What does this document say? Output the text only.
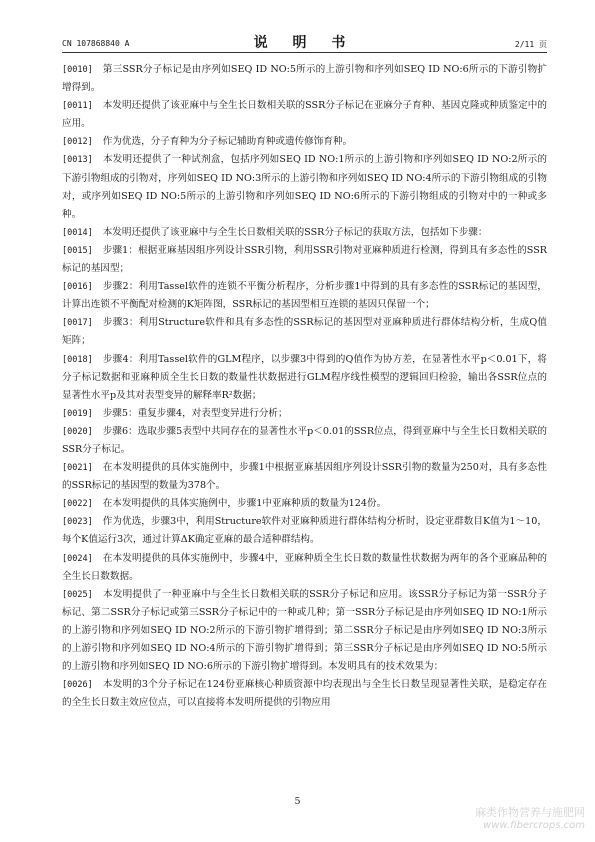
CN 107868840 A	说 明 书	2/11 页

[0010] 第三SSR分子标记是由序列如SEQ ID NO:5所示的上游引物和序列如SEQ ID NO:6所示的下游引物扩增得到。

[0011] 本发明还提供了该亚麻中与全生长日数相关联的SSR分子标记在亚麻分子育种、基因克隆或种质鉴定中的应用。

[0012] 作为优选，分子育种为分子标记辅助育种或遗传修饰育种。

[0013] 本发明还提供了一种试剂盒，包括序列如SEQ ID NO:1所示的上游引物和序列如SEQ ID NO:2所示的下游引物组成的引物对，序列如SEQ ID NO:3所示的上游引物和序列如SEQ ID NO:4所示的下游引物组成的引物对，或序列如SEQ ID NO:5所示的上游引物和序列如SEQ ID NO:6所示的下游引物组成的引物对中的一种或多种。

[0014] 本发明还提供了该亚麻中与全生长日数相关联的SSR分子标记的获取方法，包括如下步骤：

[0015] 步骤1：根据亚麻基因组序列设计SSR引物，利用SSR引物对亚麻种质进行检测，得到具有多态性的SSR标记的基因型；

[0016] 步骤2：利用Tassel软件的连锁不平衡分析程序，分析步骤1中得到的具有多态性的SSR标记的基因型，计算出连锁不平衡配对检测的K矩阵图，SSR标记的基因型相互连锁的基因只保留一个；

[0017] 步骤3：利用Structure软件和具有多态性的SSR标记的基因型对亚麻种质进行群体结构分析，生成Q值矩阵；

[0018] 步骤4：利用Tassel软件的GLM程序，以步骤3中得到的Q值作为协方差，在显著性水平p＜0.01下，将分子标记数据和亚麻种质全生长日数的数量性状数据进行GLM程序线性模型的逻辑回归检验，输出各SSR位点的显著性水平p及其对表型变异的解释率R²数据；

[0019] 步骤5：重复步骤4，对表型变异进行分析；

[0020] 步骤6：选取步骤5表型中共同存在的显著性水平p＜0.01的SSR位点，得到亚麻中与全生长日数相关联的SSR分子标记。

[0021] 在本发明提供的具体实施例中，步骤1中根据亚麻基因组序列设计SSR引物的数量为250对，具有多态性的SSR标记的基因型的数量为378个。

[0022] 在本发明提供的具体实施例中，步骤1中亚麻种质的数量为124份。

[0023] 作为优选，步骤3中，利用Structure软件对亚麻种质进行群体结构分析时，设定亚群数目K值为1～10，每个K值运行3次，通过计算ΔK确定亚麻的最合适种群结构。

[0024] 在本发明提供的具体实施例中，步骤4中，亚麻种质全生长日数的数量性状数据为两年的各个亚麻品种的全生长日数数据。

[0025] 本发明提供了一种亚麻中与全生长日数相关联的SSR分子标记和应用。该SSR分子标记为第一SSR分子标记、第二SSR分子标记或第三SSR分子标记中的一种或几种；第一SSR分子标记是由序列如SEQ ID NO:1所示的上游引物和序列如SEQ ID NO:2所示的下游引物扩增得到；第二SSR分子标记是由序列如SEQ ID NO:3所示的上游引物和序列如SEQ ID NO:4所示的下游引物扩增得到；第三SSR分子标记是由序列如SEQ ID NO:5所示的上游引物和序列如SEQ ID NO:6所示的下游引物扩增得到。本发明具有的技术效果为：

[0026] 本发明的3个分子标记在124份亚麻核心种质资源中均表现出与全生长日数呈现显著性关联，是稳定存在的全生长日数主效应位点，可以直接将本发明所提供的引物应用

5
麻类作物营养与施肥网
www.fibercrops.com
